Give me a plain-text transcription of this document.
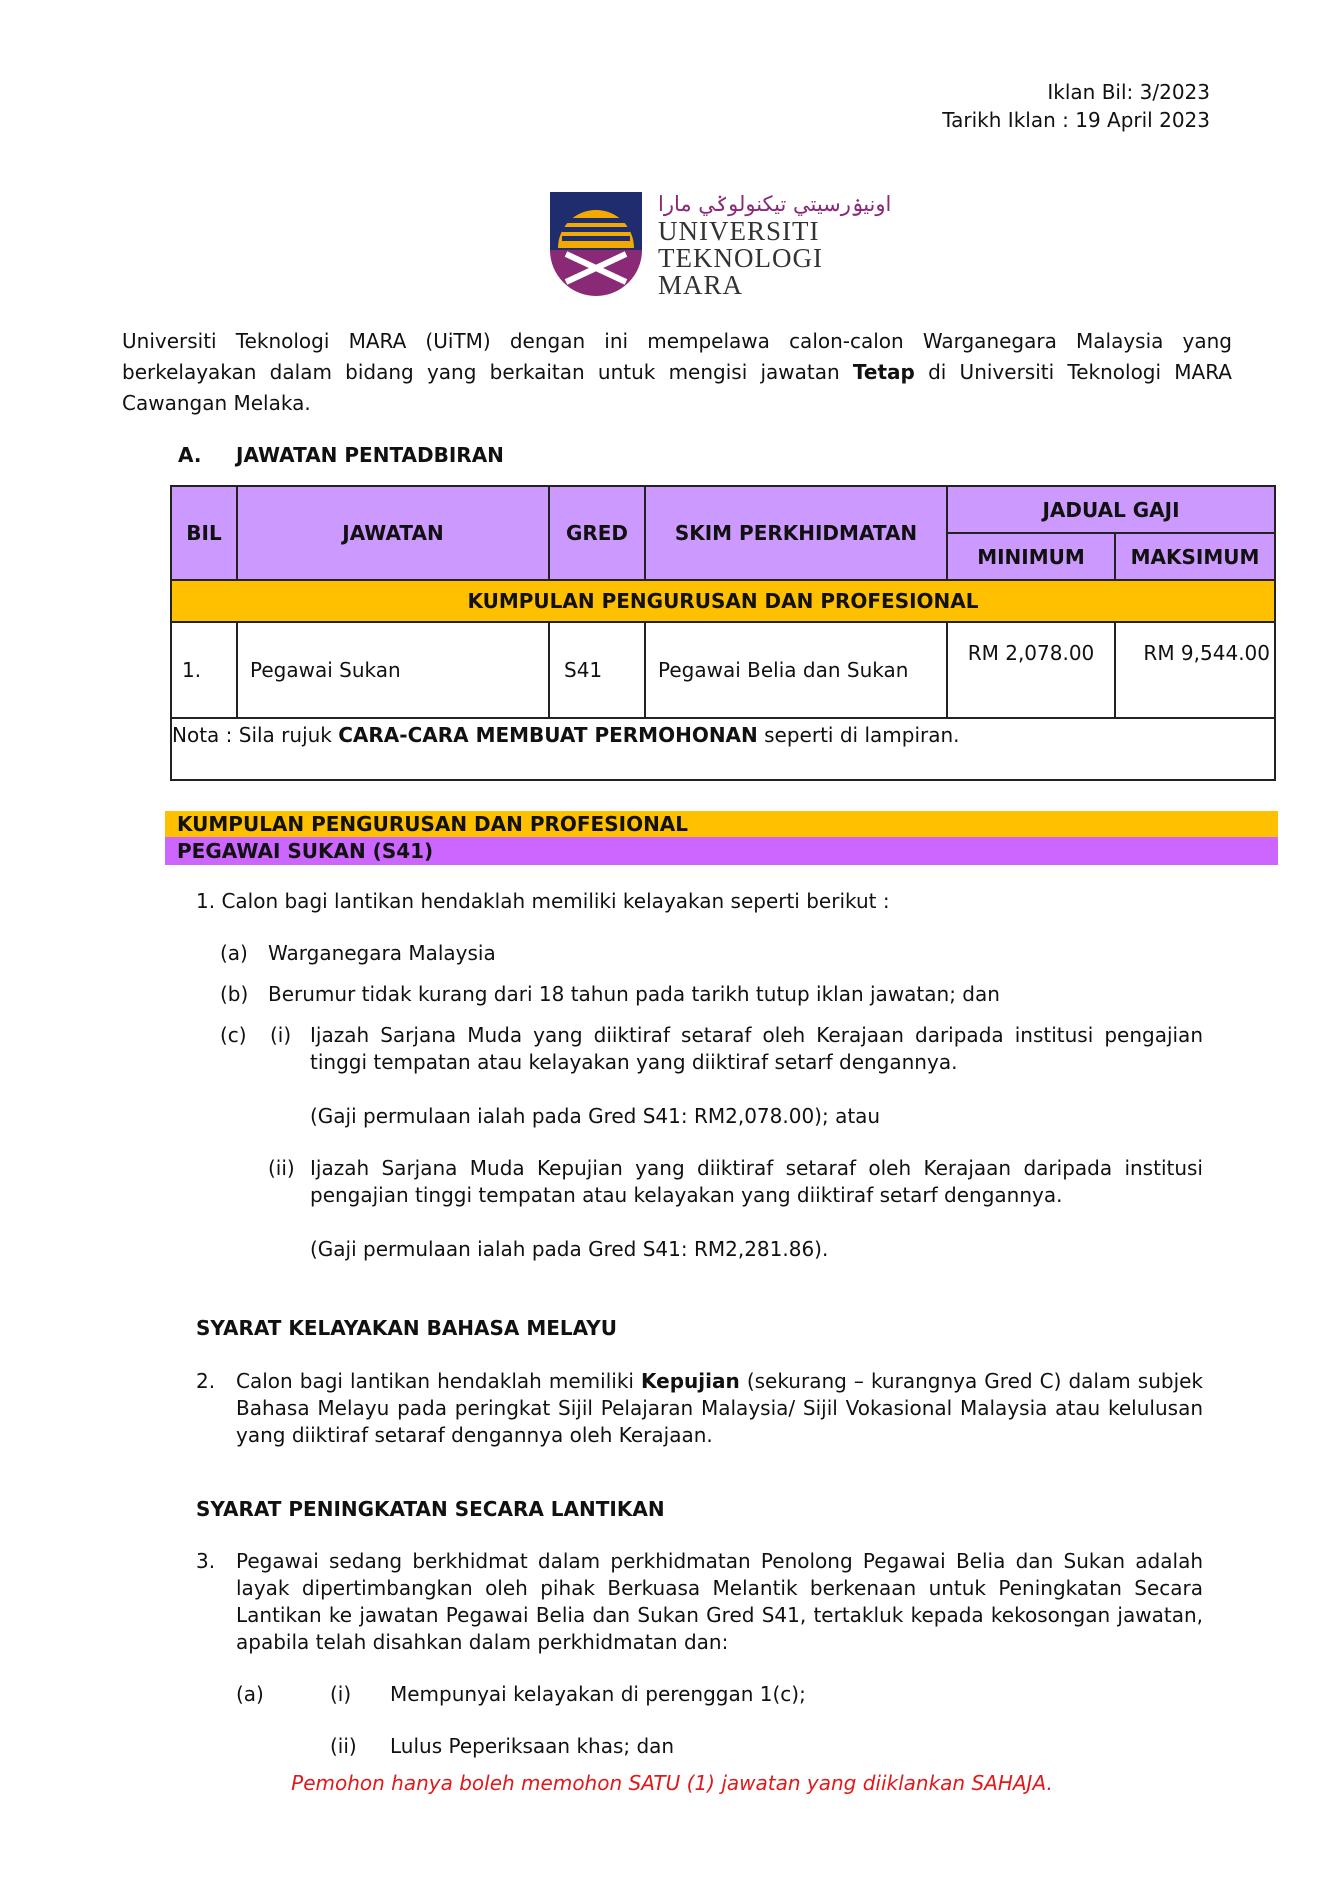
Iklan Bil: 3/2023
Tarikh Iklan : 19 April 2023
اونيۏرسيتي تيكنولوݢي مارا
UNIVERSITI
TEKNOLOGI
MARA
Universiti Teknologi MARA (UiTM) dengan ini mempelawa calon-calon Warganegara Malaysia yang berkelayakan dalam bidang yang berkaitan untuk mengisi jawatan Tetap di Universiti Teknologi MARA Cawangan Melaka.
A. JAWATAN PENTADBIRAN
BIL	JAWATAN	GRED	SKIM PERKHIDMATAN	JADUAL GAJI	
				MINIMUM	MAKSIMUM
KUMPULAN PENGURUSAN DAN PROFESIONAL					
1.	Pegawai Sukan	S41	Pegawai Belia dan Sukan	RM 2,078.00	RM 9,544.00
Nota : Sila rujuk CARA-CARA MEMBUAT PERMOHONAN seperti di lampiran.					
KUMPULAN PENGURUSAN DAN PROFESIONAL
PEGAWAI SUKAN (S41)
1. Calon bagi lantikan hendaklah memiliki kelayakan seperti berikut :
(a) Warganegara Malaysia
(b) Berumur tidak kurang dari 18 tahun pada tarikh tutup iklan jawatan; dan
(c) (i) Ijazah Sarjana Muda yang diiktiraf setaraf oleh Kerajaan daripada institusi pengajian tinggi tempatan atau kelayakan yang diiktiraf setarf dengannya.
(Gaji permulaan ialah pada Gred S41: RM2,078.00); atau
(ii) Ijazah Sarjana Muda Kepujian yang diiktiraf setaraf oleh Kerajaan daripada institusi pengajian tinggi tempatan atau kelayakan yang diiktiraf setarf dengannya.
(Gaji permulaan ialah pada Gred S41: RM2,281.86).
SYARAT KELAYAKAN BAHASA MELAYU
2. Calon bagi lantikan hendaklah memiliki Kepujian (sekurang – kurangnya Gred C) dalam subjek Bahasa Melayu pada peringkat Sijil Pelajaran Malaysia/ Sijil Vokasional Malaysia atau kelulusan yang diiktiraf setaraf dengannya oleh Kerajaan.
SYARAT PENINGKATAN SECARA LANTIKAN
3. Pegawai sedang berkhidmat dalam perkhidmatan Penolong Pegawai Belia dan Sukan adalah layak dipertimbangkan oleh pihak Berkuasa Melantik berkenaan untuk Peningkatan Secara Lantikan ke jawatan Pegawai Belia dan Sukan Gred S41, tertakluk kepada kekosongan jawatan, apabila telah disahkan dalam perkhidmatan dan:
(a)	(i) Mempunyai kelayakan di perenggan 1(c);
(ii) Lulus Peperiksaan khas; dan
Pemohon hanya boleh memohon SATU (1) jawatan yang diiklankan SAHAJA.
